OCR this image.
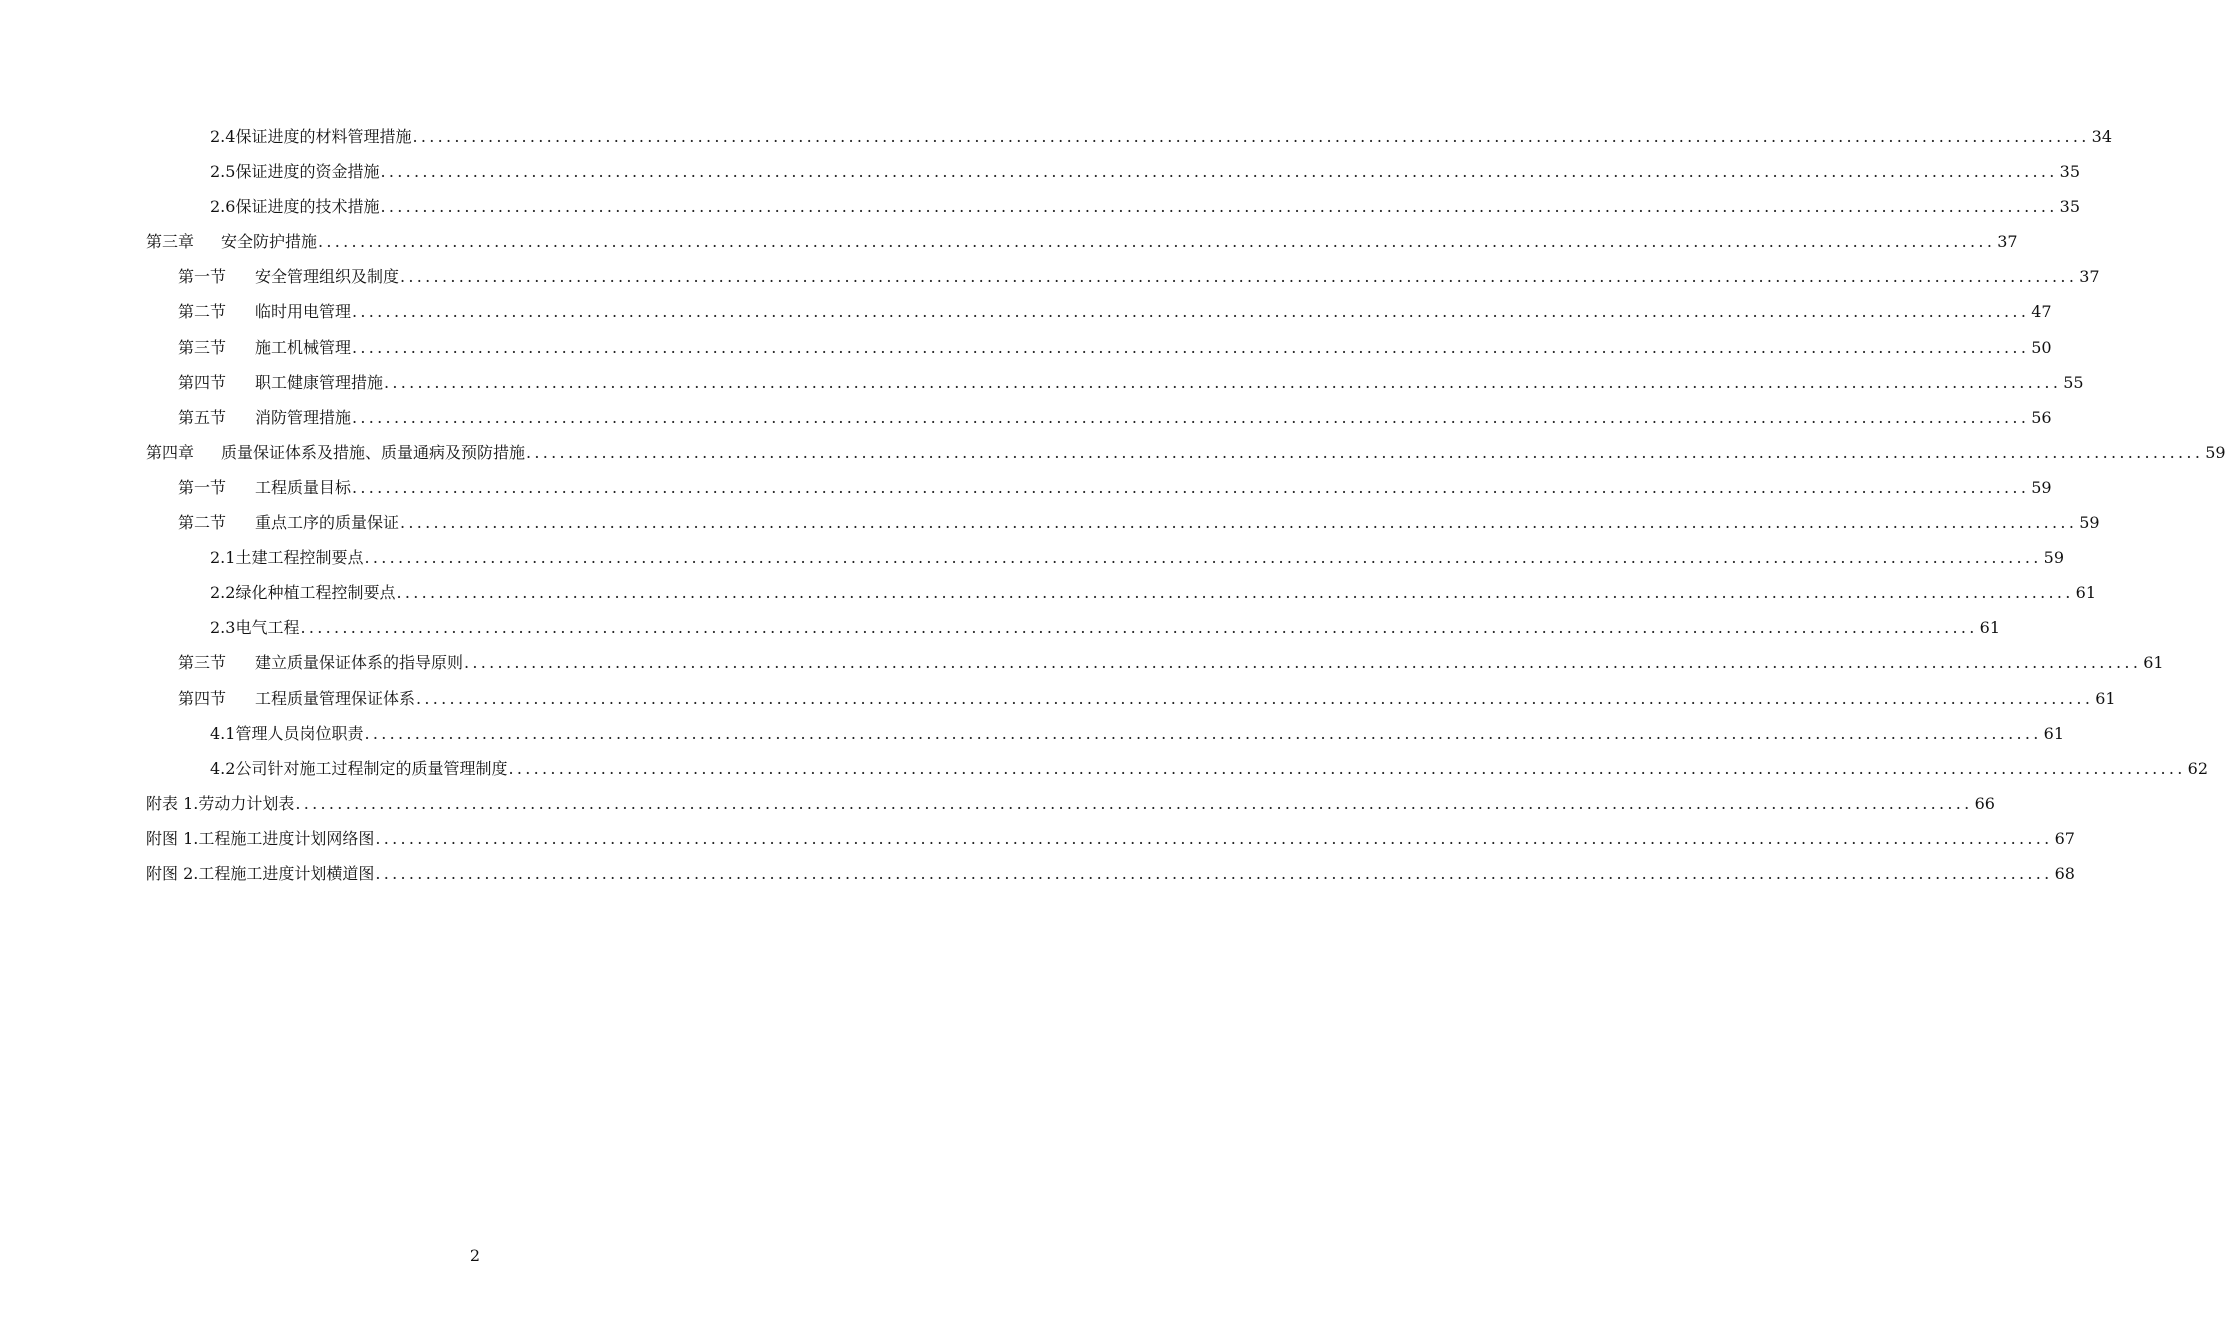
2.4 保证进度的材料管理措施 ........................................................................................................................................................................................................ 34
2.5 保证进度的资金措施 ........................................................................................................................................................................................................ 35
2.6 保证进度的技术措施 ........................................................................................................................................................................................................ 35
第三章	安全防护措施 ........................................................................................................................................................................................................ 37
第一节	安全管理组织及制度 ........................................................................................................................................................................................................ 37
第二节	临时用电管理 ........................................................................................................................................................................................................ 47
第三节	施工机械管理 ........................................................................................................................................................................................................ 50
第四节	职工健康管理措施 ........................................................................................................................................................................................................ 55
第五节	消防管理措施 ........................................................................................................................................................................................................ 56
第四章	质量保证体系及措施、质量通病及预防措施 ........................................................................................................................................................................................................ 59
第一节	工程质量目标 ........................................................................................................................................................................................................ 59
第二节	重点工序的质量保证 ........................................................................................................................................................................................................ 59
2.1 土建工程控制要点 ........................................................................................................................................................................................................ 59
2.2 绿化种植工程控制要点 ........................................................................................................................................................................................................ 61
2.3 电气工程 ........................................................................................................................................................................................................ 61
第三节	建立质量保证体系的指导原则 ........................................................................................................................................................................................................ 61
第四节	工程质量管理保证体系 ........................................................................................................................................................................................................ 61
4.1 管理人员岗位职责 ........................................................................................................................................................................................................ 61
4.2 公司针对施工过程制定的质量管理制度 ........................................................................................................................................................................................................ 62
附表 1. 劳动力计划表 ........................................................................................................................................................................................................ 66
附图 1. 工程施工进度计划网络图 ........................................................................................................................................................................................................ 67
附图 2. 工程施工进度计划横道图 ........................................................................................................................................................................................................ 68
2
